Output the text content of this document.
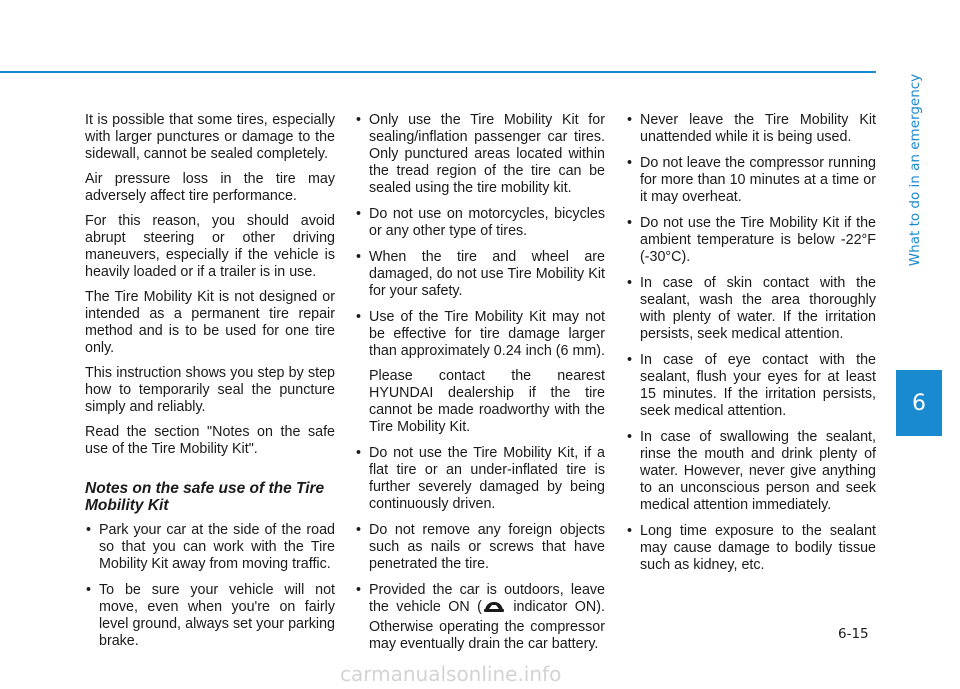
What to do in an emergency
6

It is possible that some tires, especially with larger punctures or damage to the sidewall, cannot be sealed completely.

Air pressure loss in the tire may adversely affect tire performance.

For this reason, you should avoid abrupt steering or other driving maneuvers, especially if the vehicle is heavily loaded or if a trailer is in use.

The Tire Mobility Kit is not designed or intended as a permanent tire repair method and is to be used for one tire only.

This instruction shows you step by step how to temporarily seal the puncture simply and reliably.

Read the section "Notes on the safe use of the Tire Mobility Kit".

Notes on the safe use of the Tire Mobility Kit
• Park your car at the side of the road so that you can work with the Tire Mobility Kit away from moving traffic.
• To be sure your vehicle will not move, even when you're on fairly level ground, always set your parking brake.
• Only use the Tire Mobility Kit for sealing/inflation passenger car tires. Only punctured areas located within the tread region of the tire can be sealed using the tire mobility kit.
• Do not use on motorcycles, bicycles or any other type of tires.
• When the tire and wheel are damaged, do not use Tire Mobility Kit for your safety.
• Use of the Tire Mobility Kit may not be effective for tire damage larger than approximately 0.24 inch (6 mm).
Please contact the nearest HYUNDAI dealership if the tire cannot be made roadworthy with the Tire Mobility Kit.
• Do not use the Tire Mobility Kit, if a flat tire or an under-inflated tire is further severely damaged by being continuously driven.
• Do not remove any foreign objects such as nails or screws that have penetrated the tire.
• Provided the car is outdoors, leave the vehicle ON ( indicator ON). Otherwise operating the compressor may eventually drain the car battery.
• Never leave the Tire Mobility Kit unattended while it is being used.
• Do not leave the compressor running for more than 10 minutes at a time or it may overheat.
• Do not use the Tire Mobility Kit if the ambient temperature is below -22°F (-30°C).
• In case of skin contact with the sealant, wash the area thoroughly with plenty of water. If the irritation persists, seek medical attention.
• In case of eye contact with the sealant, flush your eyes for at least 15 minutes. If the irritation persists, seek medical attention.
• In case of swallowing the sealant, rinse the mouth and drink plenty of water. However, never give anything to an unconscious person and seek medical attention immediately.
• Long time exposure to the sealant may cause damage to bodily tissue such as kidney, etc.
6-15
carmanualsonline.info
